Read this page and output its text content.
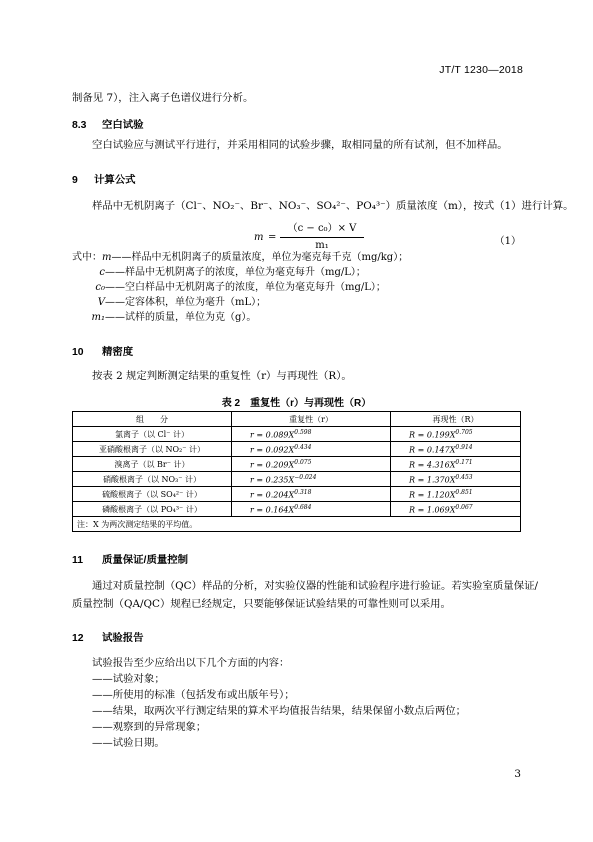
JT/T 1230—2018
制备见 7），注入离子色谱仪进行分析。
8.3 空白试验
空白试验应与测试平行进行，并采用相同的试验步骤，取相同量的所有试剂，但不加样品。
9 计算公式
样品中无机阴离子（Cl⁻、NO₂⁻、Br⁻、NO₃⁻、SO₄²⁻、PO₄³⁻）质量浓度（m），按式（1）进行计算。
m =
（c − c₀）× V
m₁	（1）
式中：m——样品中无机阴离子的质量浓度，单位为毫克每千克（mg/kg）；
c——样品中无机阴离子的浓度，单位为毫克每升（mg/L）；
c₀——空白样品中无机阴离子的浓度，单位为毫克每升（mg/L）；
V——定容体积，单位为毫升（mL）；
m₁——试样的质量，单位为克（g）。
10 精密度
按表 2 规定判断测定结果的重复性（r）与再现性（R）。
表 2　重复性（r）与再现性（R）
组　　分	重复性（r）	再现性（R）
氯离子（以 Cl⁻ 计）	$r = 0.089X^{0.598}$	$R = 0.199X^{0.705}$
亚硝酸根离子（以 NO₂⁻ 计）	$r = 0.092X^{0.434}$	$R = 0.147X^{0.914}$
溴离子（以 Br⁻ 计）	$r = 0.209X^{0.075}$	$R = 4.316X^{0.171}$
硝酸根离子（以 NO₃⁻ 计）	$r = 0.235X^{-0.024}$	$R = 1.370X^{0.453}$
硫酸根离子（以 SO₄²⁻ 计）	$r = 0.204X^{0.318}$	$R = 1.120X^{0.851}$
磷酸根离子（以 PO₄³⁻ 计）	$r = 0.164X^{0.684}$	$R = 1.069X^{0.067}$
注：X 为两次测定结果的平均值。		
11 质量保证/质量控制
通过对质量控制（QC）样品的分析，对实验仪器的性能和试验程序进行验证。若实验室质量保证/
质量控制（QA/QC）规程已经规定，只要能够保证试验结果的可靠性则可以采用。
12 试验报告
试验报告至少应给出以下几个方面的内容：
——试验对象；
——所使用的标准（包括发布或出版年号）；
——结果，取两次平行测定结果的算术平均值报告结果，结果保留小数点后两位；
——观察到的异常现象；
——试验日期。
3
